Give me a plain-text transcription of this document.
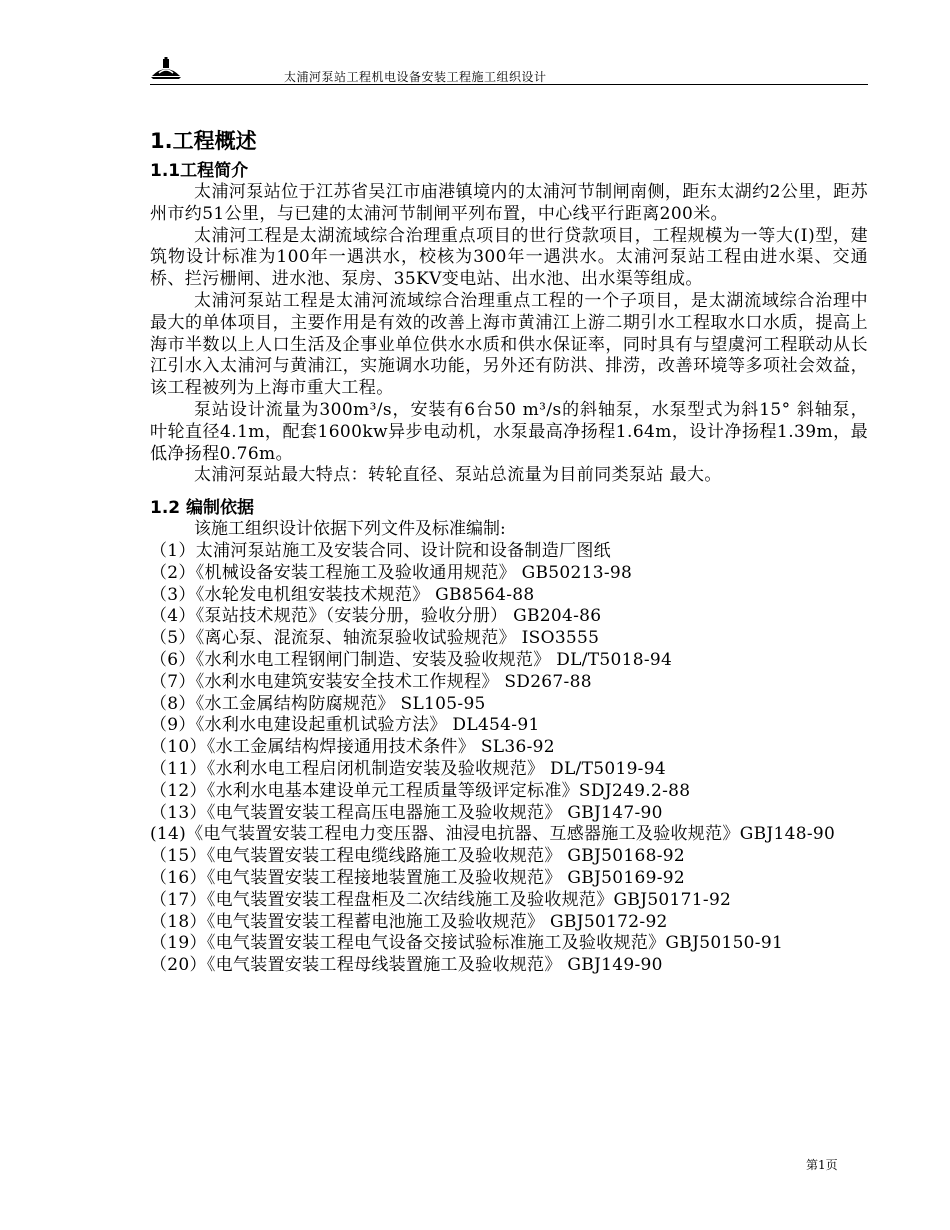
太浦河泵站工程机电设备安装工程施工组织设计
1.工程概述
1.1工程简介

太浦河泵站位于江苏省吴江市庙港镇境内的太浦河节制闸南侧，距东太湖约2公里，距苏州市约51公里，与已建的太浦河节制闸平列布置，中心线平行距离200米。

太浦河工程是太湖流域综合治理重点项目的世行贷款项目，工程规模为一等大(Ⅰ)型，建筑物设计标准为100年一遇洪水，校核为300年一遇洪水。太浦河泵站工程由进水渠、交通桥、拦污栅闸、进水池、泵房、35KV变电站、出水池、出水渠等组成。

太浦河泵站工程是太浦河流域综合治理重点工程的一个子项目，是太湖流域综合治理中最大的单体项目，主要作用是有效的改善上海市黄浦江上游二期引水工程取水口水质，提高上海市半数以上人口生活及企事业单位供水水质和供水保证率，同时具有与望虞河工程联动从长江引水入太浦河与黄浦江，实施调水功能，另外还有防洪、排涝，改善环境等多项社会效益，该工程被列为上海市重大工程。

泵站设计流量为300m³/s，安装有6台50 m³/s的斜轴泵，水泵型式为斜15° 斜轴泵，叶轮直径4.1m，配套1600kw异步电动机，水泵最高净扬程1.64m，设计净扬程1.39m，最低净扬程0.76m。

太浦河泵站最大特点：转轮直径、泵站总流量为目前同类泵站 最大。

1.2 编制依据

该施工组织设计依据下列文件及标准编制:

（1）太浦河泵站施工及安装合同、设计院和设备制造厂图纸

（2）《机械设备安装工程施工及验收通用规范》 GB50213-98

（3）《水轮发电机组安装技术规范》 GB8564-88

（4）《泵站技术规范》（安装分册，验收分册） GB204-86

（5）《离心泵、混流泵、轴流泵验收试验规范》 ISO3555

（6）《水利水电工程钢闸门制造、安装及验收规范》 DL/T5018-94

（7）《水利水电建筑安装安全技术工作规程》 SD267-88

（8）《水工金属结构防腐规范》 SL105-95

（9）《水利水电建设起重机试验方法》 DL454-91

（10）《水工金属结构焊接通用技术条件》 SL36-92

（11）《水利水电工程启闭机制造安装及验收规范》 DL/T5019-94

（12）《水利水电基本建设单元工程质量等级评定标准》SDJ249.2-88

（13）《电气装置安装工程高压电器施工及验收规范》 GBJ147-90

(14)《电气装置安装工程电力变压器、油浸电抗器、互感器施工及验收规范》GBJ148-90

（15）《电气装置安装工程电缆线路施工及验收规范》 GBJ50168-92

（16）《电气装置安装工程接地装置施工及验收规范》 GBJ50169-92

（17）《电气装置安装工程盘柜及二次结线施工及验收规范》GBJ50171-92

（18）《电气装置安装工程蓄电池施工及验收规范》 GBJ50172-92

（19）《电气装置安装工程电气设备交接试验标准施工及验收规范》GBJ50150-91

（20）《电气装置安装工程母线装置施工及验收规范》 GBJ149-90

第1页
